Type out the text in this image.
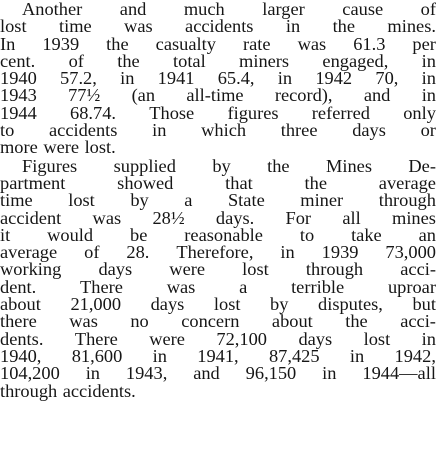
Another and much larger cause of
lost time was accidents in the mines.
In 1939 the casualty rate was 61.3 per
cent. of the total miners engaged, in
1940 57.2, in 1941 65.4, in 1942 70, in
1943 77½ (an all-time record), and in
1944 68.74. Those figures referred only
to accidents in which three days or
more were lost.
Figures supplied by the Mines De-
partment	showed	that	the	average
time lost by a State miner through
accident was 28½ days. For all mines
it would be reasonable to take an
average of 28. Therefore, in 1939 73,000
working days were lost through acci-
dent. There was a terrible uproar
about 21,000 days lost by disputes, but
there was no concern about the acci-
dents. There were 72,100 days lost in
1940, 81,600 in 1941, 87,425 in 1942,
104,200 in 1943, and 96,150 in 1944—all
through accidents.
